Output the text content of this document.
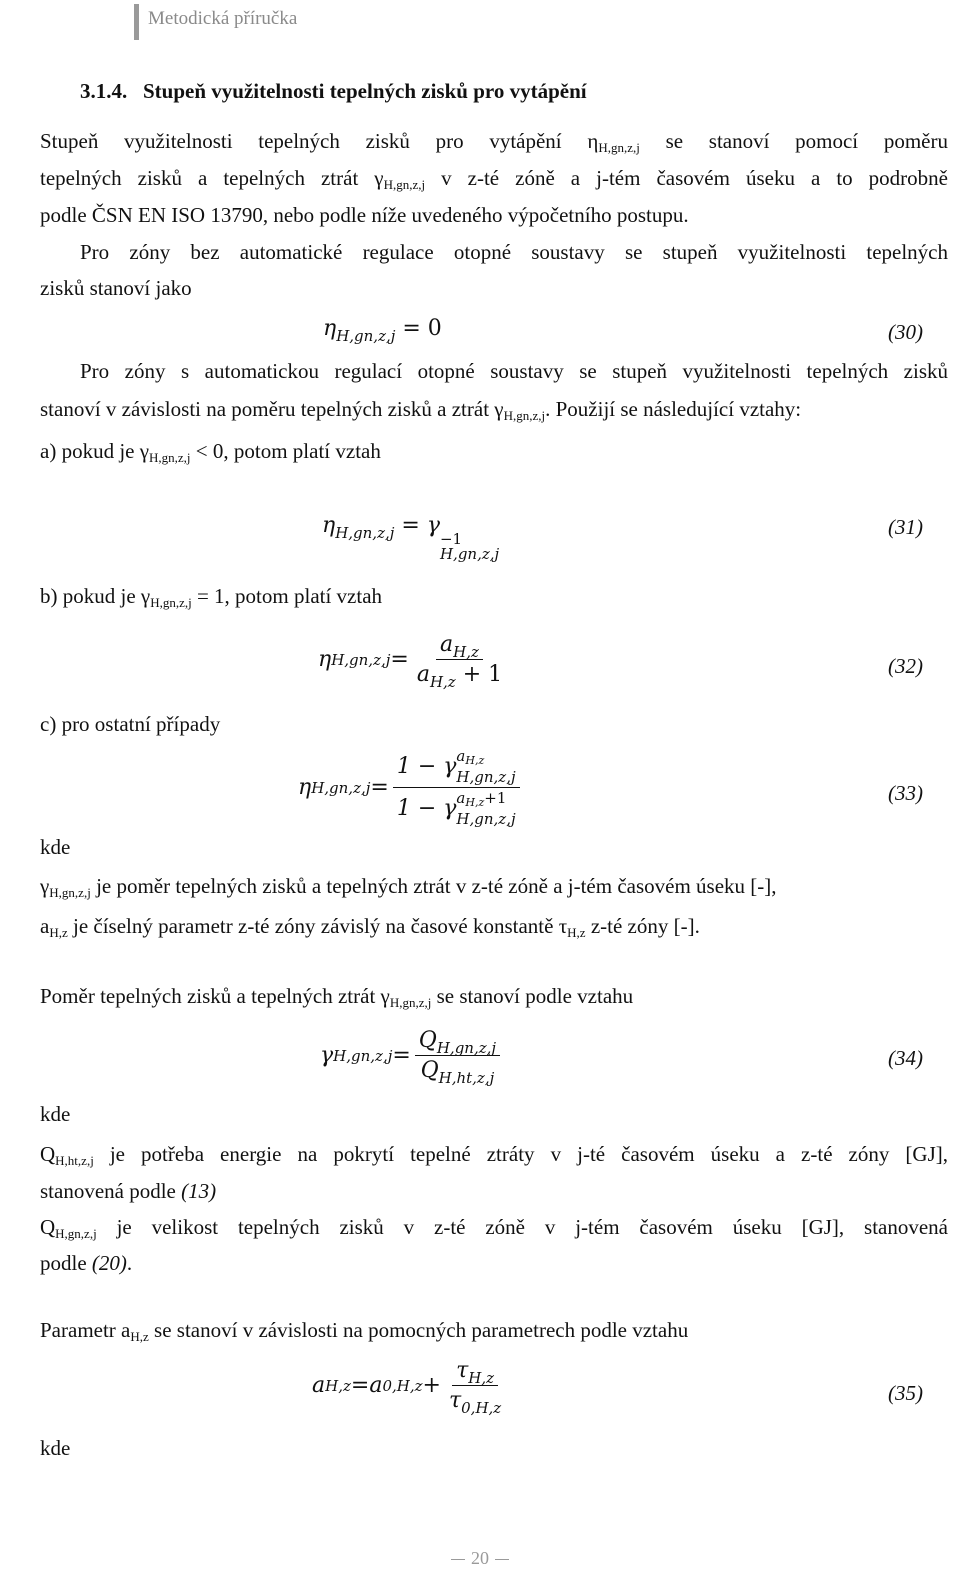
Metodická příručka
3.1.4. Stupeň využitelnosti tepelných zisků pro vytápění
Stupeň využitelnosti tepelných zisků pro vytápění $\eta_{H,gn,z,j}$ se stanoví pomocí poměru
tepelných zisků a tepelných ztrát $\gamma_{H,gn,z,j}$ v z-té zóně a j-tém časovém úseku a to podrobně
podle ČSN EN ISO 13790, nebo podle níže uvedeného výpočetního postupu.
Pro zóny bez automatické regulace otopné soustavy se stupeň využitelnosti tepelných
zisků stanoví jako
$\eta_{H,gn,z,j} = 0$	(30)
Pro zóny s automatickou regulací otopné soustavy se stupeň využitelnosti tepelných zisků
stanoví v závislosti na poměru tepelných zisků a ztrát $\gamma_{H,gn,z,j}$. Použijí se následující vztahy:
a) pokud je $\gamma_{H,gn,z,j} < 0$, potom platí vztah
$\eta_{H,gn,z,j} = \gamma$
−1
H,gn,z,j
(31)
b) pokud je $\gamma_{H,gn,z,j} = 1$, potom platí vztah
η $H,gn,z,j = \frac{a_{H,z}}{a_{H,z} + 1}$	(32)
c) pro ostatní případy
η H,gn,z,j = 1 − γ $a_{H,z}$
H,gn,z,j
1 − γ $a_{H,z}+1$
H,gn,z,j	(33)
kde
$\gamma_{H,gn,z,j}$ je poměr tepelných zisků a tepelných ztrát v z-té zóně a j-tém časovém úseku [-],
$a_{H,z}$ je číselný parametr z-té zóny závislý na časové konstantě $\tau_{H,z}$ z-té zóny [-].
Poměr tepelných zisků a tepelných ztrát $\gamma_{H,gn,z,j}$ se stanoví podle vztahu
γ $H,gn,z,j = \frac{Q_{H,gn,z,j}}{Q_{H,ht,z,j}}$	(34)
kde
$Q_{H,ht,z,j}$ je potřeba energie na pokrytí tepelné ztráty v j-té časovém úseku a z-té zóny [GJ],
stanovená podle (13)
$Q_{H,gn,z,j}$ je velikost tepelných zisků v z-té zóně v j-tém časovém úseku [GJ], stanovená
podle (20).
Parametr $a_{H,z}$ se stanoví v závislosti na pomocných parametrech podle vztahu
a H,z = a $0,H,z + \frac{\tau_{H,z}}{\tau_{0,H,z}}$	(35)
kde
20
